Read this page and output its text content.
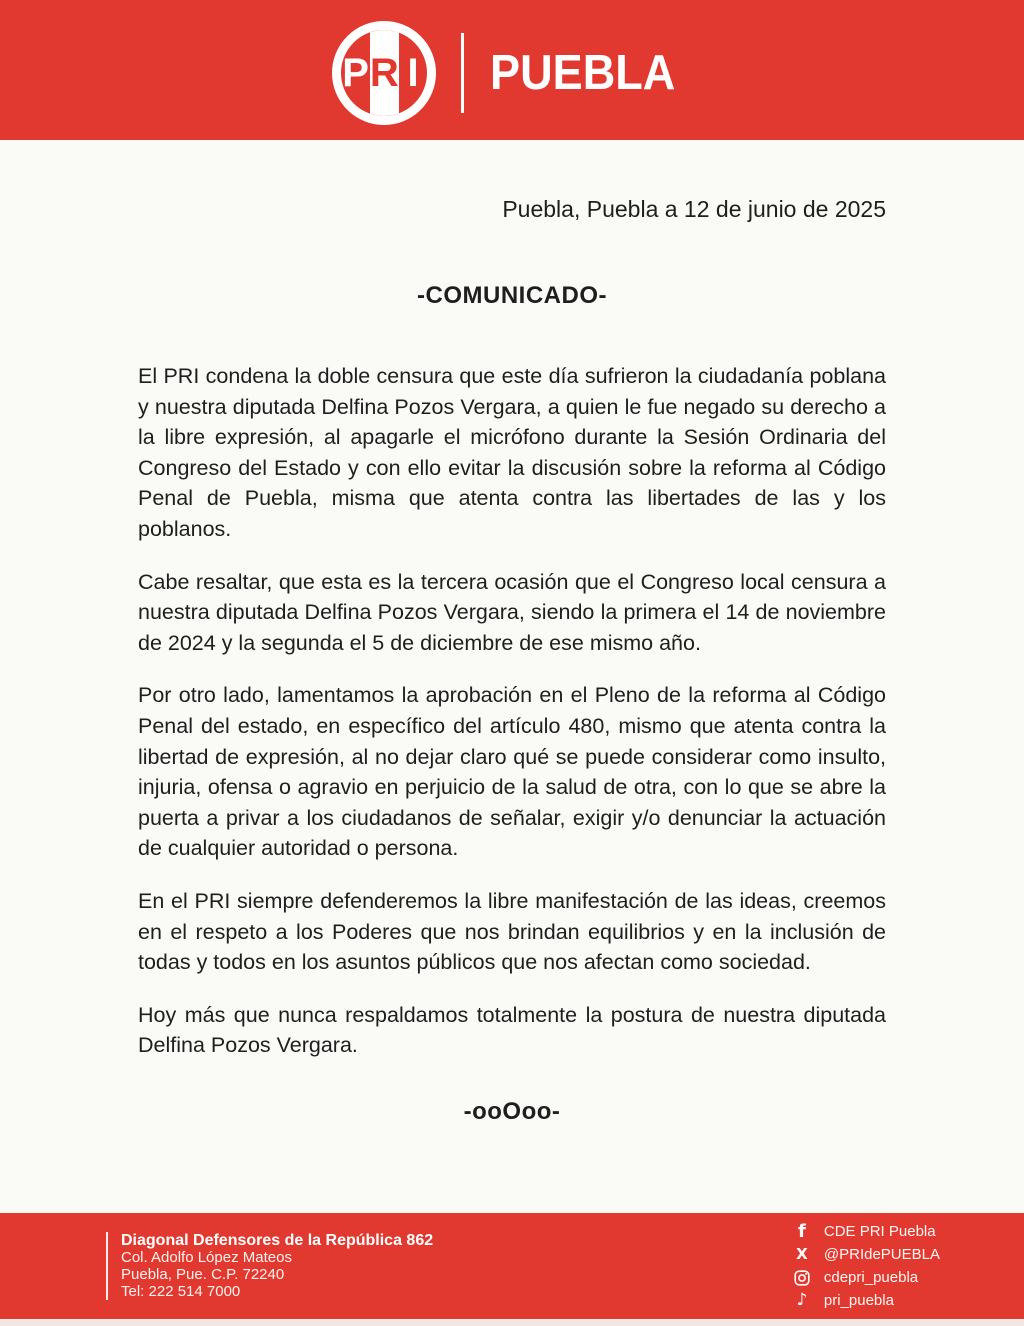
P R I PUEBLA
Puebla, Puebla a 12 de junio de 2025
-COMUNICADO-

El PRI condena la doble censura que este día sufrieron la ciudadanía poblana y nuestra diputada Delfina Pozos Vergara, a quien le fue negado su derecho a la libre expresión, al apagarle el micrófono durante la Sesión Ordinaria del Congreso del Estado y con ello evitar la discusión sobre la reforma al Código Penal de Puebla, misma que atenta contra las libertades de las y los poblanos.

Cabe resaltar, que esta es la tercera ocasión que el Congreso local censura a nuestra diputada Delfina Pozos Vergara, siendo la primera el 14 de noviembre de 2024 y la segunda el 5 de diciembre de ese mismo año.

Por otro lado, lamentamos la aprobación en el Pleno de la reforma al Código Penal del estado, en específico del artículo 480, mismo que atenta contra la libertad de expresión, al no dejar claro qué se puede considerar como insulto, injuria, ofensa o agravio en perjuicio de la salud de otra, con lo que se abre la puerta a privar a los ciudadanos de señalar, exigir y/o denunciar la actuación de cualquier autoridad o persona.

En el PRI siempre defenderemos la libre manifestación de las ideas, creemos en el respeto a los Poderes que nos brindan equilibrios y en la inclusión de todas y todos en los asuntos públicos que nos afectan como sociedad.

Hoy más que nunca respaldamos totalmente la postura de nuestra diputada Delfina Pozos Vergara.

-ooOoo-
Diagonal Defensores de la República 862
Col. Adolfo López Mateos
Puebla, Pue. C.P. 72240
Tel: 222 514 7000
f	CDE PRI Puebla
X @PRIdePUEBLA
cdepri_puebla
♪	pri_puebla
